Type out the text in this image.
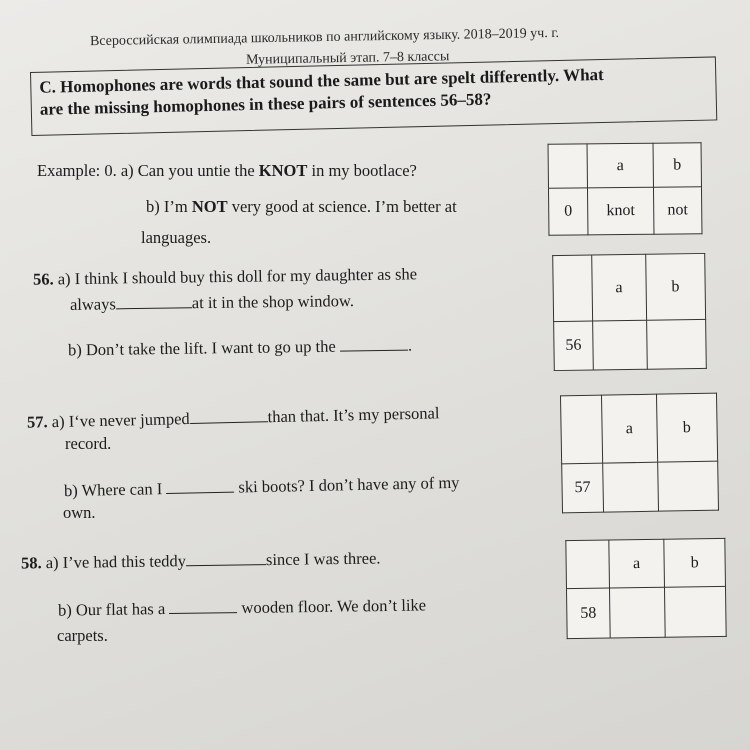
Всероссийская олимпиада школьников по английскому языку. 2018–2019 уч. г.
Муниципальный этап. 7–8 классы
C. Homophones are words that sound the same but are spelt differently. What
are the missing homophones in these pairs of sentences 56–58?
Example: 0. a) Can you untie the KNOT in my bootlace?
b) I’m NOT very good at science. I’m better at
languages.
	a	b
0	knot	not
56. a) I think I should buy this doll for my daughter as she
always	at it in the shop window.
b) Don’t take the lift. I want to go up the	.
	a	b
56		
57. a) I‘ve never jumped	than that. It’s my personal
record.
b) Where can I	ski boots? I don’t have any of my
own.
	a	b
57		
58. a) I’ve had this teddy	since I was three.
b) Our flat has a	wooden floor. We don’t like
carpets.
	a	b
58		
